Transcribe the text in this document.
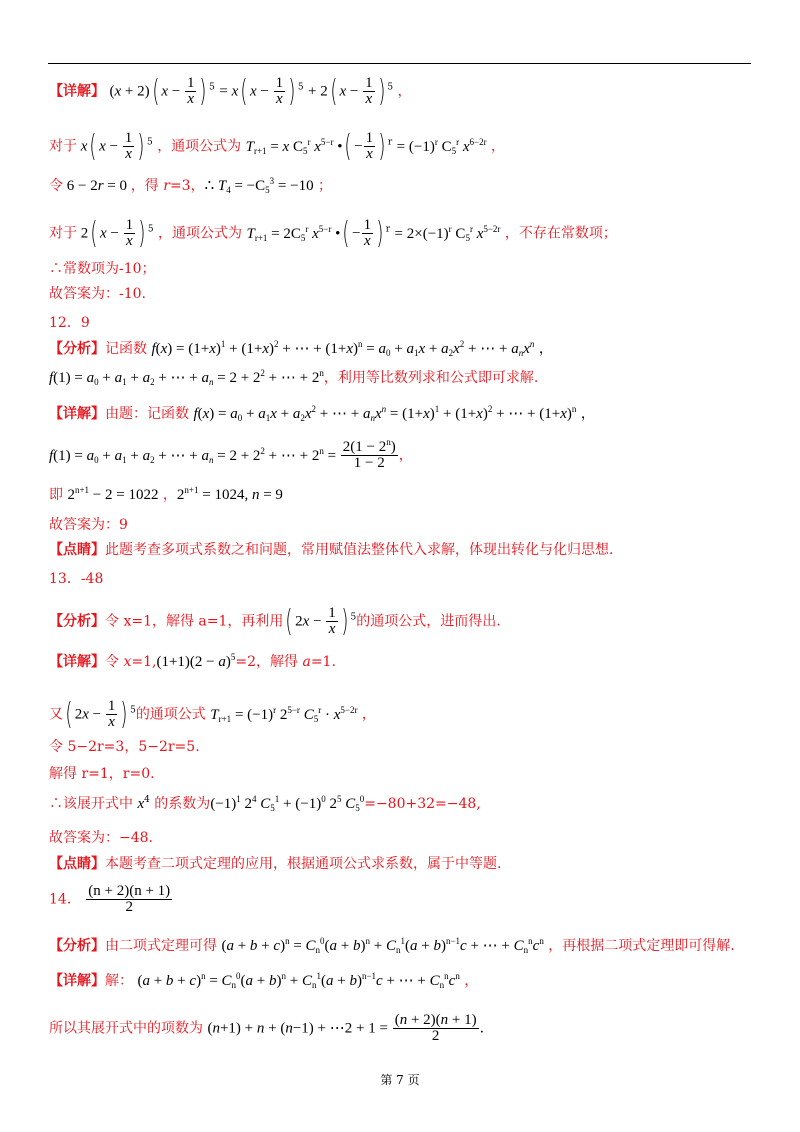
【详解】 (x + 2)( $x - \frac{1}{x}$ ) $^5$ = x( $x - \frac{1}{x}$ ) $^5$ + 2( $x - \frac{1}{x}$ ) $^5$ ，
对于 x( $x - \frac{1}{x}$ ) $^5$ ，通项公式为 $T_{r+1} = x$ $C_5^r$ $x^{5-r}$ •( − $\frac{1}{x}$ ) $^r = (-1)^r$ $C_5^r$ $x^{6-2r}$ ，
令 6 − 2r = 0 ，得 r=3，∴ $T_4 = -C_5^3 = -10$ ；
对于 2( $x - \frac{1}{x}$ ) $^5$ ，通项公式为 $T_{r+1} = 2C_5^r$ $x^{5-r}$ •( − $\frac{1}{x}$ ) $^r = 2\times(-1)^r$ $C_5^r$ $x^{5-2r}$ ，不存在常数项；
∴常数项为-10；
故答案为：-10.
12．9
【分析】记函数 $f(x) = (1+x)^1 + (1+x)^2$ + ⋯ + $(1+x)^n = a_0 + a_1x + a_2x^2$ + ⋯ + $a_nx^n$ ，
$f(1) = a_0 + a_1 + a_2$ + ⋯ + $a_n = 2 + 2^2$ + ⋯ + $2^n$，利用等比数列求和公式即可求解.
【详解】由题：记函数 $f(x) = a_0 + a_1x + a_2x^2$ + ⋯ + $a_nx^n = (1+x)^1 + (1+x)^2$ + ⋯ + $(1+x)^n$ ，
$f(1) = a_0 + a_1 + a_2$ + ⋯ + $a_n = 2 + 2^2$ + ⋯ + $2^n = \frac{2(1 - 2^n)}{1 - 2}$ ，
即 $2^{n+1} - 2 = 1022$ ，$2^{n+1} = 1024$, n = 9
故答案为：9
【点睛】此题考查多项式系数之和问题，常用赋值法整体代入求解，体现出转化与化归思想.
13．-48
【分析】令 x=1，解得 a=1，再利用( $2x - \frac{1}{x}$ ) $^5$的通项公式，进而得出.
【详解】令 $x=1,(1+1)(2 - a)^5=2$，解得 a=1.
又( $2x - \frac{1}{x}$ ) $^5$的通项公式 $T_{r+1} = (-1)^r$ $2^{5-r}$ $C_5^r \cdot x^{5-2r}$ ，
令 5−2r=3，5−2r=5.
解得 r=1，r=0.
∴该展开式中 $x^4$ 的系数为$(-1)^1$ $2^4$ $C_5^1 + (-1)^0$ $2^5$ $C_5^0=-80+32=-48$,
故答案为：−48.
【点睛】本题考查二项式定理的应用，根据通项公式求系数，属于中等题.
14． $\frac{(n + 2)(n + 1)}{2}$
【分析】由二项式定理可得 $(a + b + c)^n = C_n^0(a + b)^n + C_n^1(a + b)^{n-1}c$ + ⋯ + $C_n^nc^n$ ，再根据二项式定理即可得解.
【详解】解： $(a + b + c)^n = C_n^0(a + b)^n + C_n^1(a + b)^{n-1}c$ + ⋯ + $C_n^nc^n$ ，
所以其展开式中的项数为 (n+1) + n + (n−1) + ⋯2 + $1 = \frac{(n + 2)(n + 1)}{2}$ .
第 7 页
